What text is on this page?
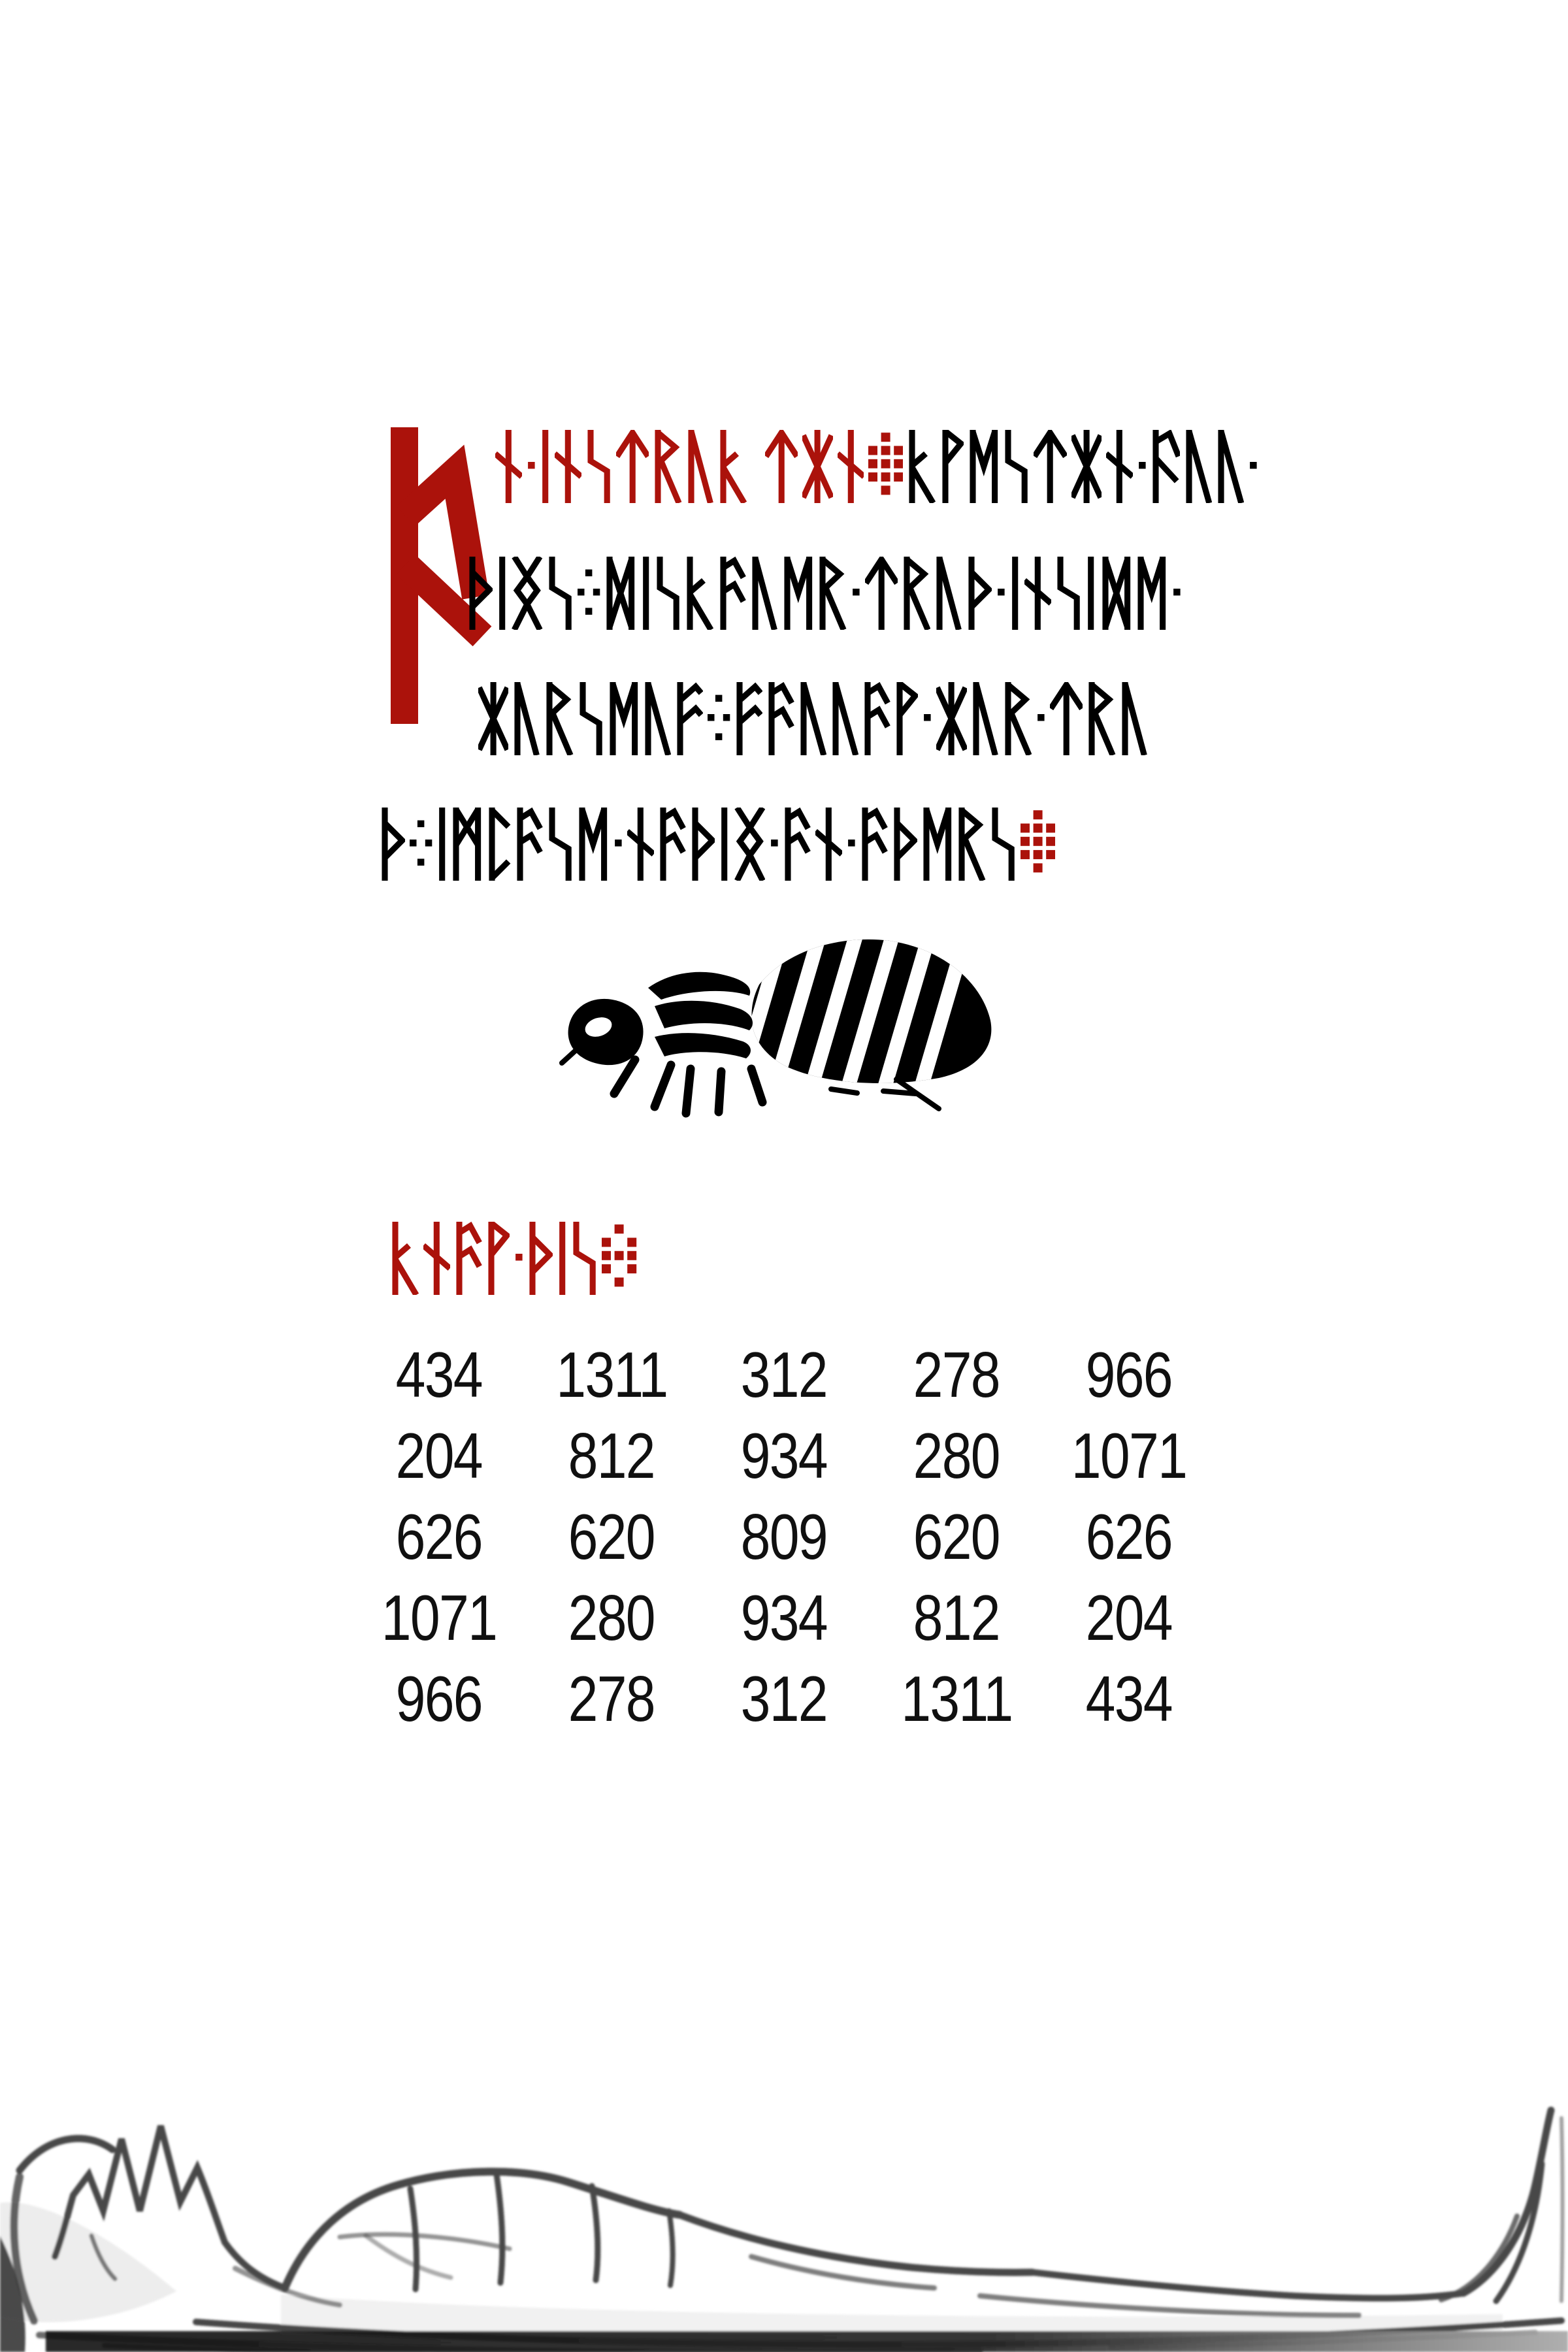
434	1311	312	278	966
204	812	934	280	1071
626	620	809	620	626
1071	280	934	812	204
966	278	312	1311	434
